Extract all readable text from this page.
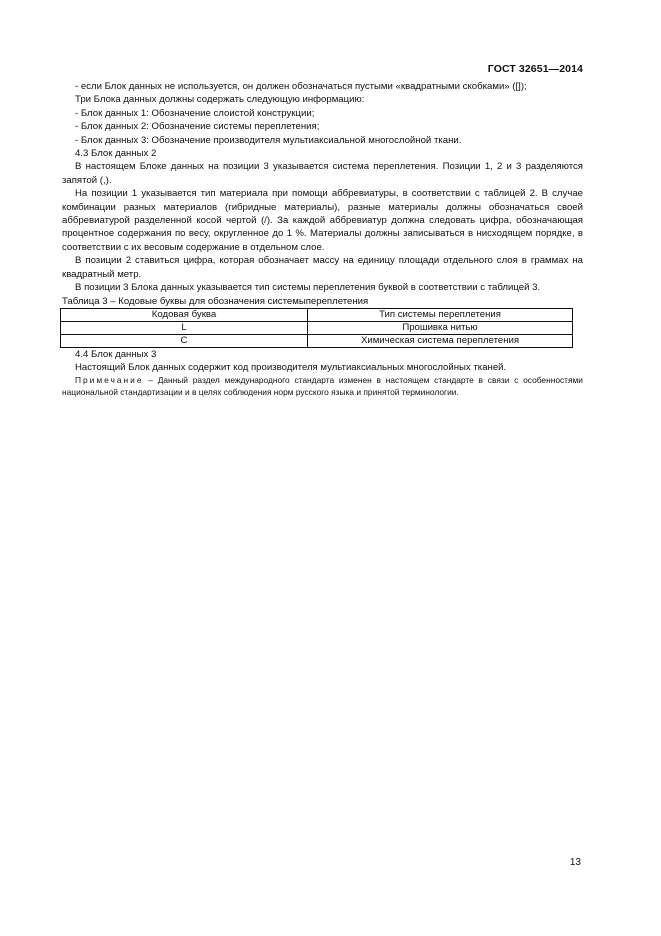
ГОСТ 32651—2014

- если Блок данных не используется, он должен обозначаться пустыми «квадратными скобками» ([]);

Три Блока данных должны содержать следующую информацию:

- Блок данных 1: Обозначение слоистой конструкции;

- Блок данных 2: Обозначение системы переплетения;

- Блок данных 3: Обозначение производителя мультиаксиальной многослойной ткани.

4.3 Блок данных 2

В настоящем Блоке данных на позиции 3 указывается система переплетения. Позиции 1, 2 и 3 разделяются запятой (,).

На позиции 1 указывается тип материала при помощи аббревиатуры, в соответствии с таблицей 2. В случае комбинации разных материалов (гибридные материалы), разные материалы должны обозначаться своей аббревиатурой разделенной косой чертой (/). За каждой аббревиатур должна следовать цифра, обозначающая процентное содержания по весу, округленное до 1 %. Материалы должны записываться в нисходящем порядке, в соответствии с их весовым содержание в отдельном слое.

В позиции 2 ставиться цифра, которая обозначает массу на единицу площади отдельного слоя в граммах на квадратный метр.

В позиции 3 Блока данных указывается тип системы переплетения буквой в соответствии с таблицей 3.

Таблица 3 – Кодовые буквы для обозначения системыпереплетения

Кодовая буква	Тип системы переплетения
L	Прошивка нитью
C	Химическая система переплетения

4.4 Блок данных 3

Настоящий Блок данных содержит код производителя мультиаксиальных многослойных тканей.

Примечание – Данный раздел международного стандарта изменен в настоящем стандарте в связи с особенностями национальной стандартизации и в целях соблюдения норм русского языка и принятой терминологии.

13
